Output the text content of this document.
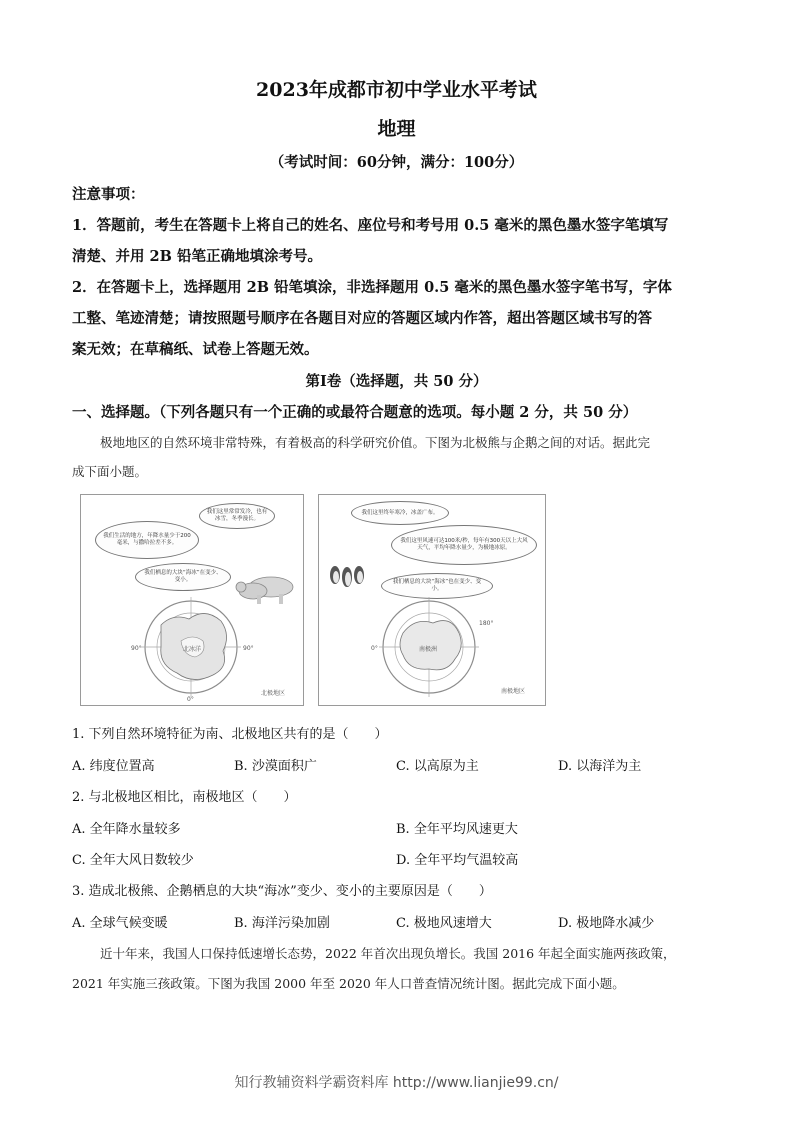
2023年成都市初中学业水平考试
地理
（考试时间：60分钟，满分：100分）
注意事项：
1．答题前，考生在答题卡上将自己的姓名、座位号和考号用 0.5 毫米的黑色墨水签字笔填写
清楚、并用 2B 铅笔正确地填涂考号。
2．在答题卡上，选择题用 2B 铅笔填涂，非选择题用 0.5 毫米的黑色墨水签字笔书写，字体
工整、笔迹清楚；请按照题号顺序在各题目对应的答题区域内作答，超出答题区域书写的答
案无效；在草稿纸、试卷上答题无效。
第Ⅰ卷（选择题，共 50 分）
一、选择题。（下列各题只有一个正确的或最符合题意的选项。每小题 2 分，共 50 分）
极地地区的自然环境非常特殊，有着极高的科学研究价值。下图为北极熊与企鹅之间的对话。据此完
成下面小题。
我们这里常常发冷，也有冰雪，冬季漫长。
我们生活的地方，年降水量少于200毫米，与撒哈拉差不多。
我们栖息的大块“海冰”在变少、变小。
北冰洋
90°	90°
0°
北极地区
我们这里终年寒冷，冰盖广布。
我们这里风速可达100米/秒，每年有300天以上大风天气，平均年降水量少，为极地冰原。
我们栖息的大块“海冰”也在变少、变小。
南极洲
0°
180°
南极地区
1. 下列自然环境特征为南、北极地区共有的是（　　）
A. 纬度位置高	B. 沙漠面积广	C. 以高原为主	D. 以海洋为主
2. 与北极地区相比，南极地区（　　）
A. 全年降水量较多	B. 全年平均风速更大
C. 全年大风日数较少	D. 全年平均气温较高
3. 造成北极熊、企鹅栖息的大块“海冰”变少、变小的主要原因是（　　）
A. 全球气候变暖	B. 海洋污染加剧	C. 极地风速增大	D. 极地降水减少
近十年来，我国人口保持低速增长态势，2022 年首次出现负增长。我国 2016 年起全面实施两孩政策，
2021 年实施三孩政策。下图为我国 2000 年至 2020 年人口普查情况统计图。据此完成下面小题。
知行教辅资料学霸资料库 http://www.lianjie99.cn/
